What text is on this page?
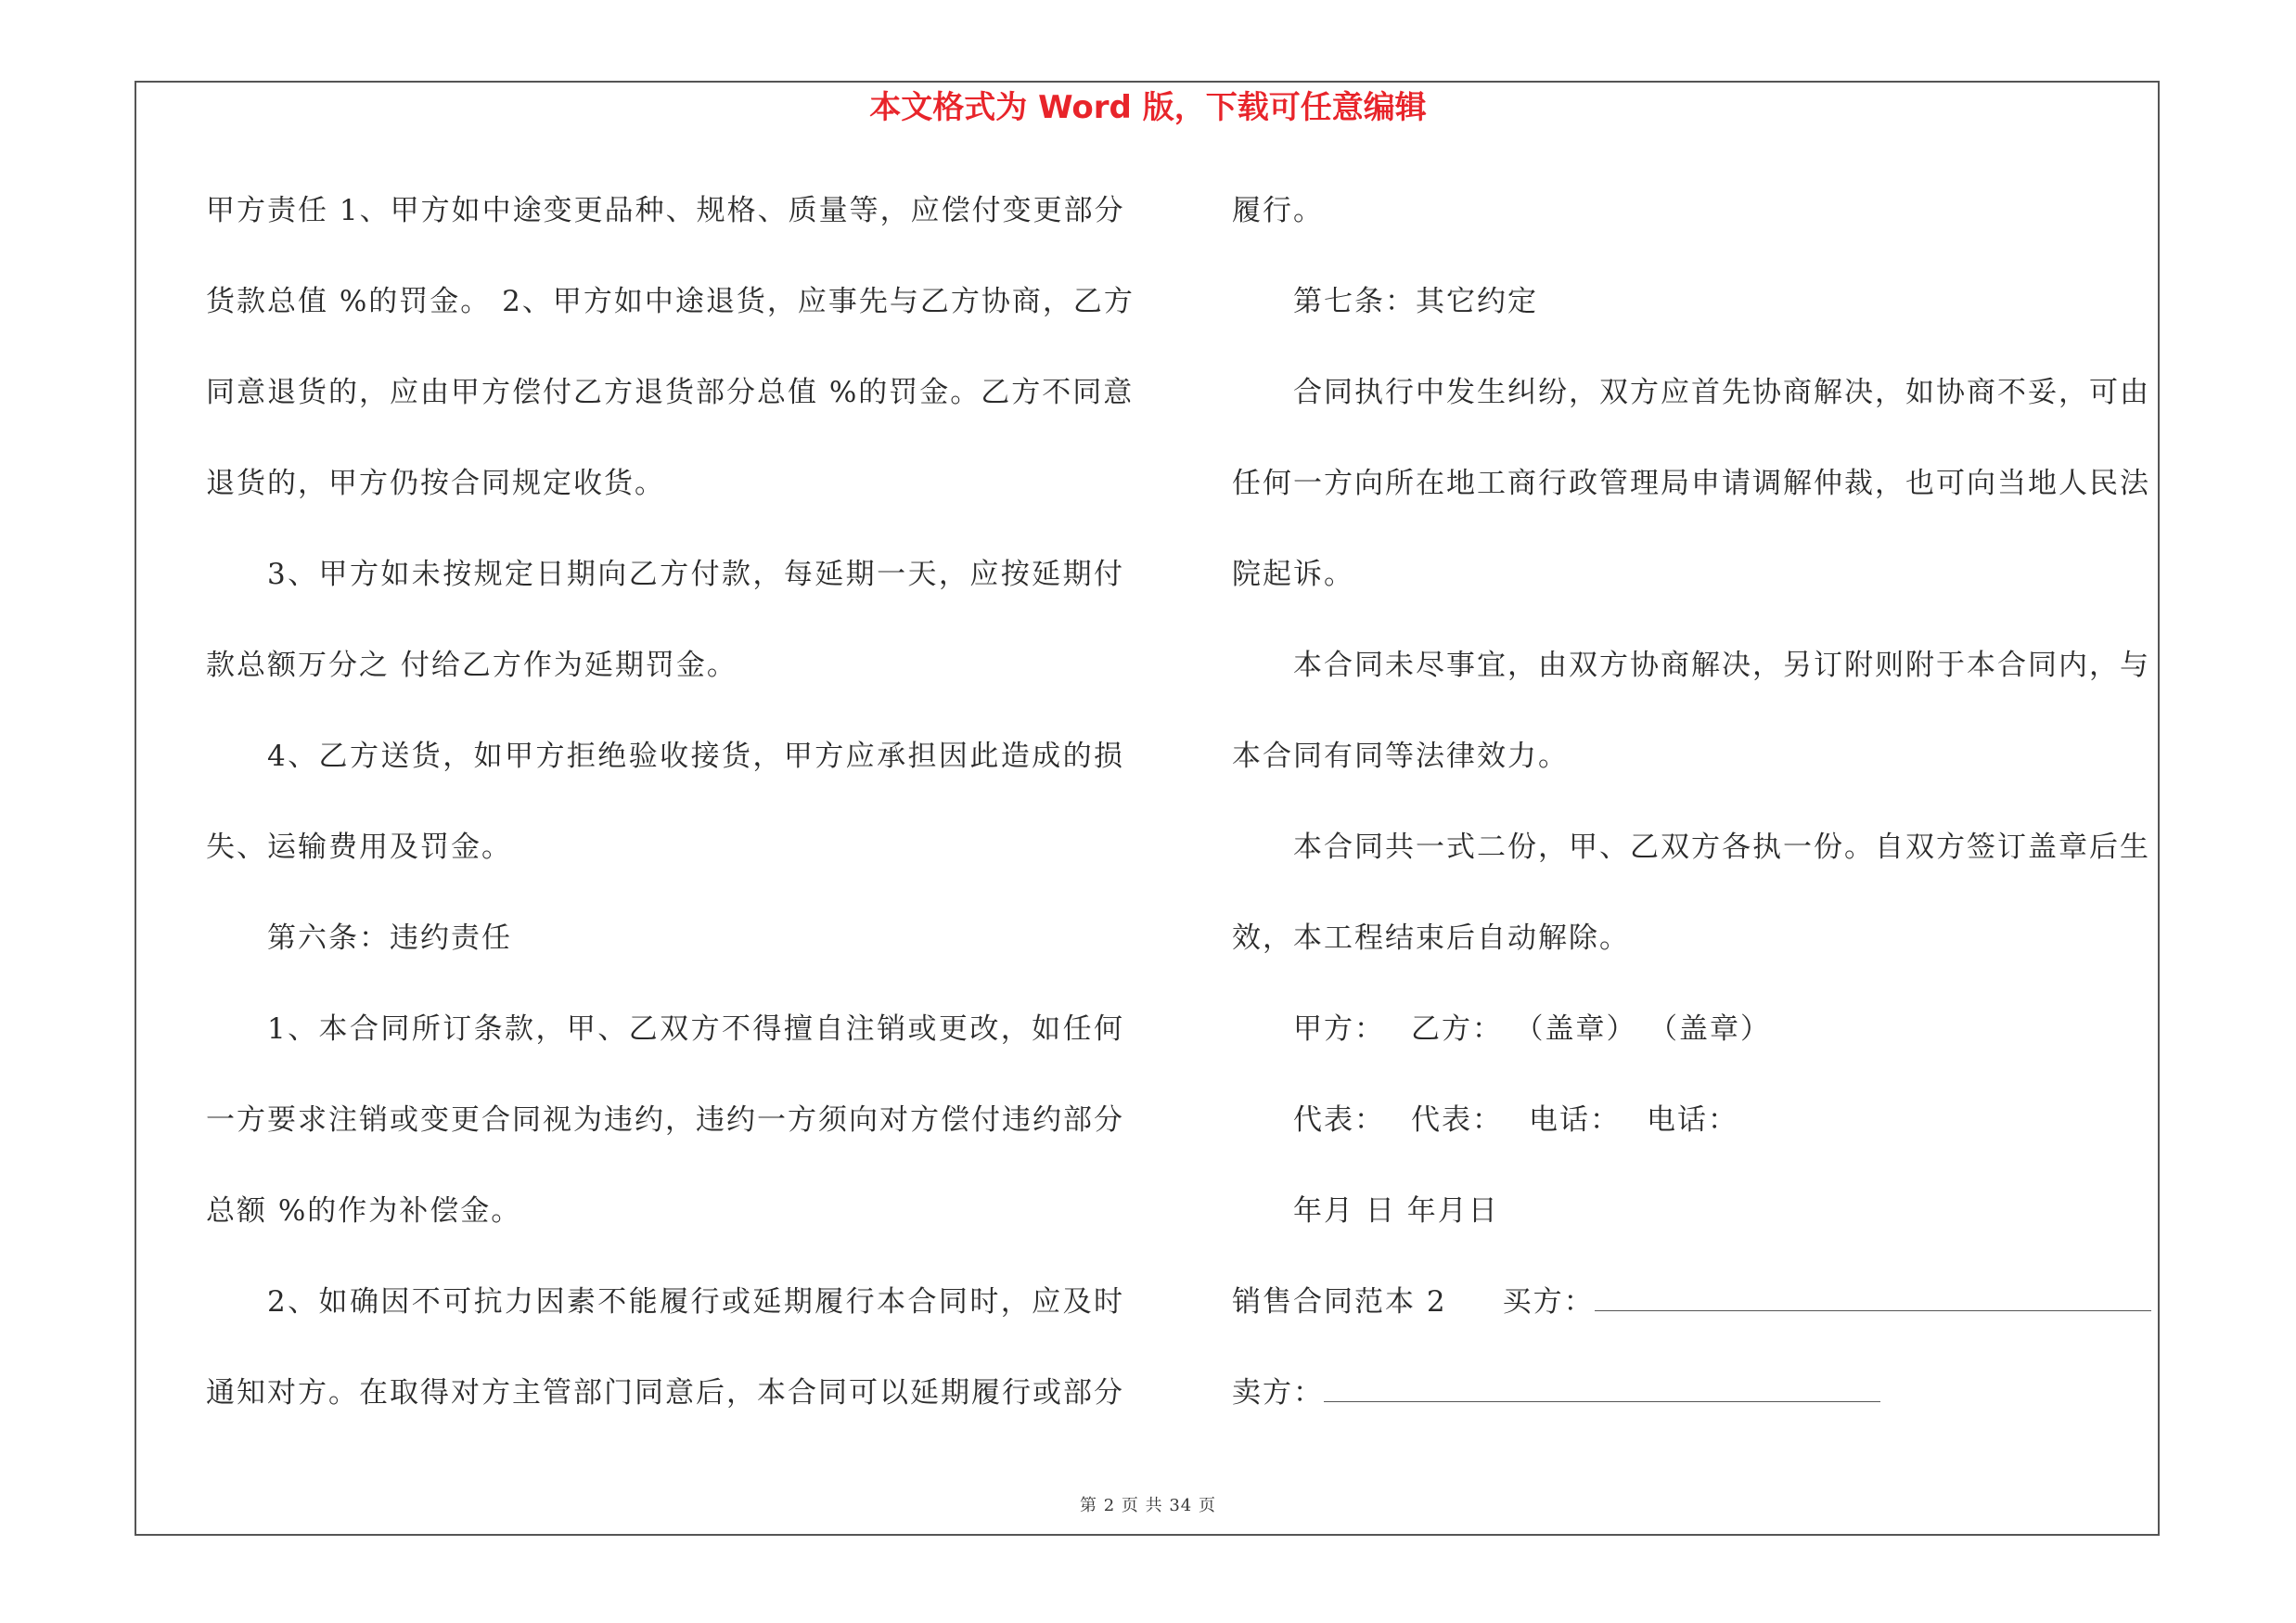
本文格式为 Word 版，下载可任意编辑
甲方责任 1、甲方如中途变更品种、规格、质量等，应偿付变更部分
货款总值 %的罚金。 2、甲方如中途退货，应事先与乙方协商，乙方
同意退货的，应由甲方偿付乙方退货部分总值 %的罚金。乙方不同意
退货的，甲方仍按合同规定收货。
3、甲方如未按规定日期向乙方付款，每延期一天，应按延期付
款总额万分之 付给乙方作为延期罚金。
4、乙方送货，如甲方拒绝验收接货，甲方应承担因此造成的损
失、运输费用及罚金。
第六条：违约责任
1、本合同所订条款，甲、乙双方不得擅自注销或更改，如任何
一方要求注销或变更合同视为违约，违约一方须向对方偿付违约部分
总额 %的作为补偿金。
2、如确因不可抗力因素不能履行或延期履行本合同时，应及时
通知对方。在取得对方主管部门同意后，本合同可以延期履行或部分
履行。
第七条：其它约定
合同执行中发生纠纷，双方应首先协商解决，如协商不妥，可由
任何一方向所在地工商行政管理局申请调解仲裁，也可向当地人民法
院起诉。
本合同未尽事宜，由双方协商解决，另订附则附于本合同内，与
本合同有同等法律效力。
本合同共一式二份，甲、乙双方各执一份。自双方签订盖章后生
效，本工程结束后自动解除。
甲方： 乙方： （盖章） （盖章）
代表： 代表： 电话： 电话：
年月 日 年月日
销售合同范本 2 买方：
卖方：
第 2 页 共 34 页
